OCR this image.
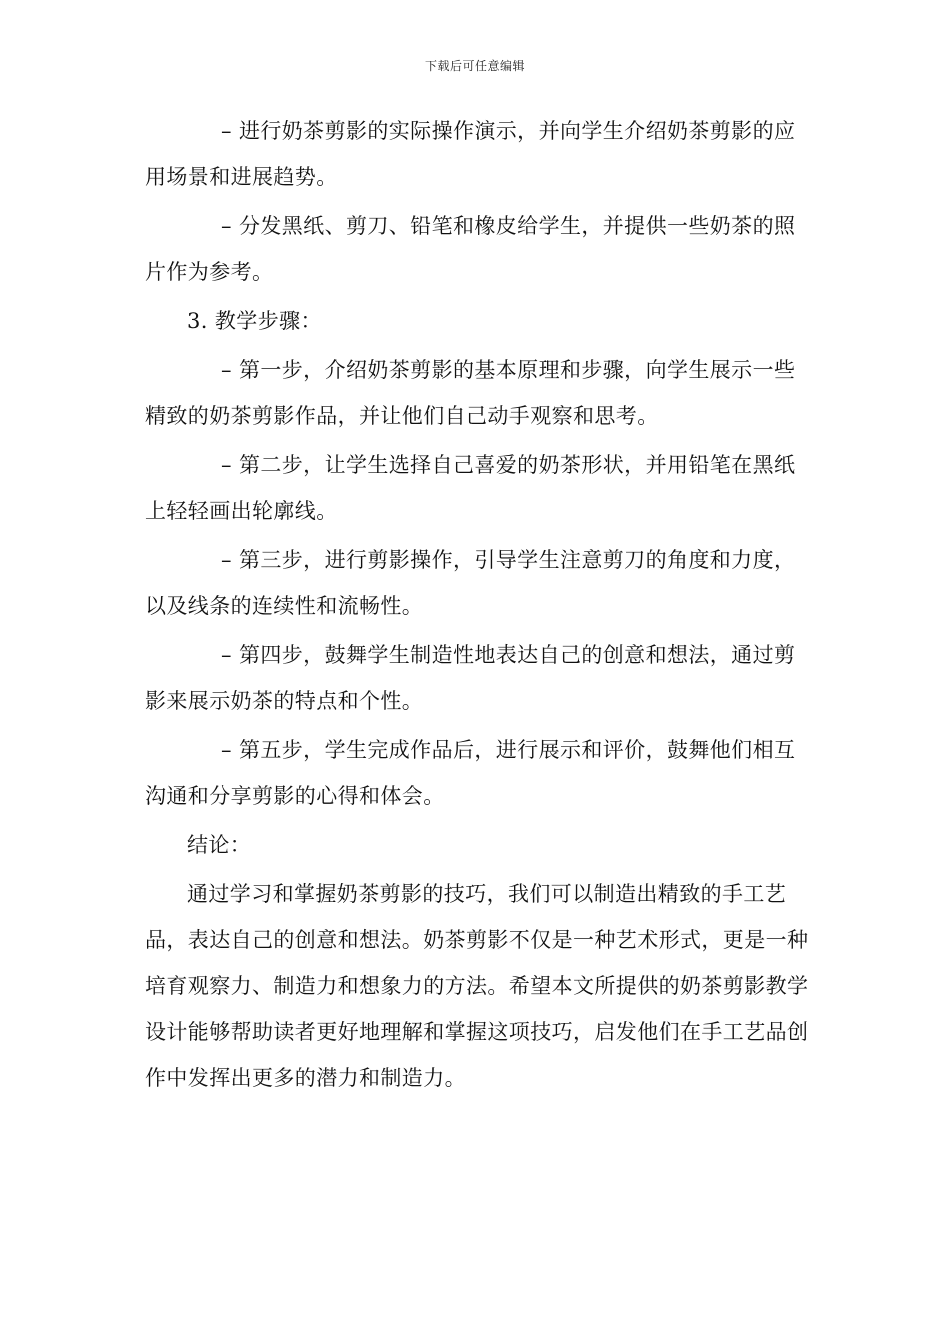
下载后可任意编辑

– 进行奶茶剪影的实际操作演示，并向学生介绍奶茶剪影的应用场景和进展趋势。

– 分发黑纸、剪刀、铅笔和橡皮给学生，并提供一些奶茶的照片作为参考。

3. 教学步骤：

– 第一步，介绍奶茶剪影的基本原理和步骤，向学生展示一些精致的奶茶剪影作品，并让他们自己动手观察和思考。

– 第二步，让学生选择自己喜爱的奶茶形状，并用铅笔在黑纸上轻轻画出轮廓线。

– 第三步，进行剪影操作，引导学生注意剪刀的角度和力度，以及线条的连续性和流畅性。

– 第四步，鼓舞学生制造性地表达自己的创意和想法，通过剪影来展示奶茶的特点和个性。

– 第五步，学生完成作品后，进行展示和评价，鼓舞他们相互沟通和分享剪影的心得和体会。

结论：

通过学习和掌握奶茶剪影的技巧，我们可以制造出精致的手工艺品，表达自己的创意和想法。奶茶剪影不仅是一种艺术形式，更是一种培育观察力、制造力和想象力的方法。希望本文所提供的奶茶剪影教学设计能够帮助读者更好地理解和掌握这项技巧，启发他们在手工艺品创作中发挥出更多的潜力和制造力。
